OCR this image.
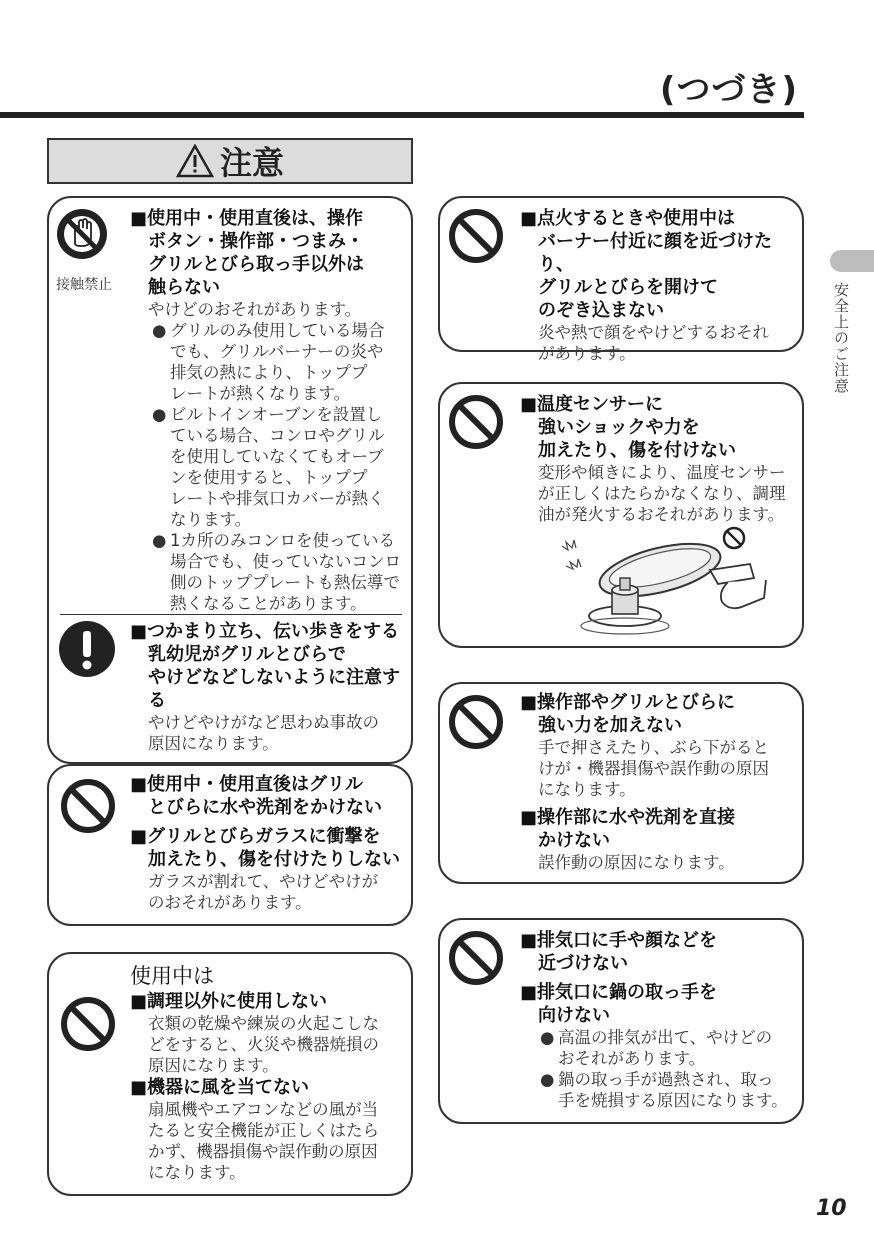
(つづき)
注意
安全上のご注意
接触禁止
■使用中・使用直後は、操作
ボタン・操作部・つまみ・
グリルとびら取っ手以外は
触らない
やけどのおそれがあります。
● グリルのみ使用している場合
でも、グリルバーナーの炎や
排気の熱により、トッププ
レートが熱くなります。
● ビルトインオーブンを設置し
ている場合、コンロやグリル
を使用していなくてもオーブ
ンを使用すると、トッププ
レートや排気口カバーが熱く
なります。
● 1カ所のみコンロを使っている
場合でも、使っていないコンロ
側のトッププレートも熱伝導で
熱くなることがあります。
■つかまり立ち、伝い歩きをする
乳幼児がグリルとびらで
やけどなどしないように注意する
やけどやけがなど思わぬ事故の
原因になります。
■使用中・使用直後はグリル
とびらに水や洗剤をかけない
■グリルとびらガラスに衝撃を
加えたり、傷を付けたりしない
ガラスが割れて、やけどやけが
のおそれがあります。
使用中は
■調理以外に使用しない
衣類の乾燥や練炭の火起こしな
どをすると、火災や機器焼損の
原因になります。
■機器に風を当てない
扇風機やエアコンなどの風が当
たると安全機能が正しくはたら
かず、機器損傷や誤作動の原因
になります。
■点火するときや使用中は
バーナー付近に顔を近づけたり、
グリルとびらを開けて
のぞき込まない
炎や熱で顔をやけどするおそれ
があります。
■温度センサーに
強いショックや力を
加えたり、傷を付けない
変形や傾きにより、温度センサー
が正しくはたらかなくなり、調理
油が発火するおそれがあります。
■操作部やグリルとびらに
強い力を加えない
手で押さえたり、ぶら下がると
けが・機器損傷や誤作動の原因
になります。
■操作部に水や洗剤を直接
かけない
誤作動の原因になります。
■排気口に手や顔などを
近づけない
■排気口に鍋の取っ手を
向けない
● 高温の排気が出て、やけどの
おそれがあります。
● 鍋の取っ手が過熱され、取っ
手を焼損する原因になります。
10
